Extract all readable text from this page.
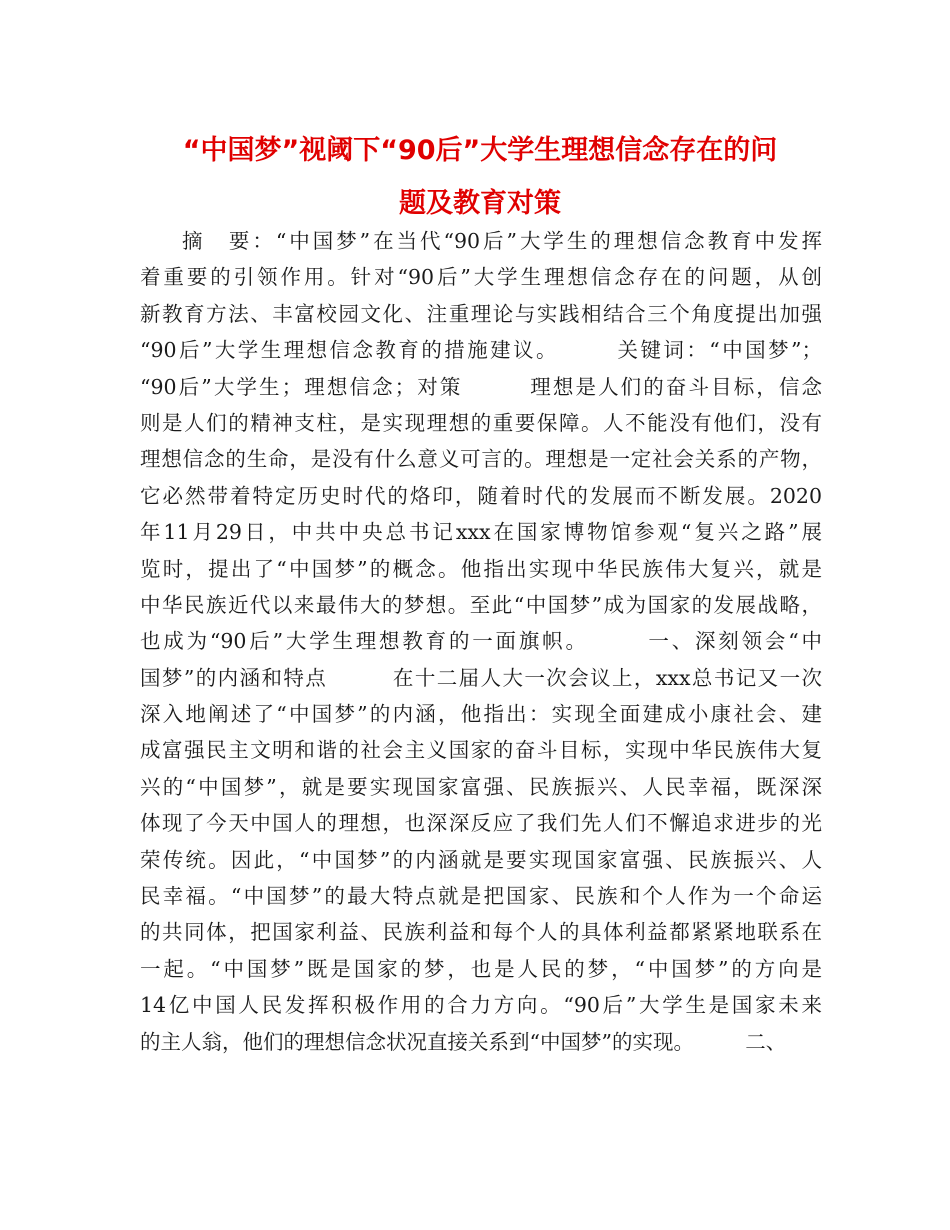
“中国梦”视阈下“90后”大学生理想信念存在的问
题及教育对策
摘　要：“中国梦”在当代“90后”大学生的理想信念教育中发挥
着重要的引领作用。针对“90后”大学生理想信念存在的问题，从创
新教育方法、丰富校园文化、注重理论与实践相结合三个角度提出加强
“90后”大学生理想信念教育的措施建议。　　　关键词：“中国梦”；
“90后”大学生；理想信念；对策　　　理想是人们的奋斗目标，信念
则是人们的精神支柱，是实现理想的重要保障。人不能没有他们，没有
理想信念的生命，是没有什么意义可言的。理想是一定社会关系的产物，
它必然带着特定历史时代的烙印，随着时代的发展而不断发展。2020
年11月29日，中共中央总书记xxx在国家博物馆参观“复兴之路”展
览时，提出了“中国梦”的概念。他指出实现中华民族伟大复兴，就是
中华民族近代以来最伟大的梦想。至此“中国梦”成为国家的发展战略，
也成为“90后”大学生理想教育的一面旗帜。　　　一、深刻领会“中
国梦”的内涵和特点　　　在十二届人大一次会议上，xxx总书记又一次
深入地阐述了“中国梦”的内涵，他指出：实现全面建成小康社会、建
成富强民主文明和谐的社会主义国家的奋斗目标，实现中华民族伟大复
兴的“中国梦”，就是要实现国家富强、民族振兴、人民幸福，既深深
体现了今天中国人的理想，也深深反应了我们先人们不懈追求进步的光
荣传统。因此，“中国梦”的内涵就是要实现国家富强、民族振兴、人
民幸福。“中国梦”的最大特点就是把国家、民族和个人作为一个命运
的共同体，把国家利益、民族利益和每个人的具体利益都紧紧地联系在
一起。“中国梦”既是国家的梦，也是人民的梦，“中国梦”的方向是
14亿中国人民发挥积极作用的合力方向。“90后”大学生是国家未来
的主人翁，他们的理想信念状况直接关系到“中国梦”的实现。　　　二、
